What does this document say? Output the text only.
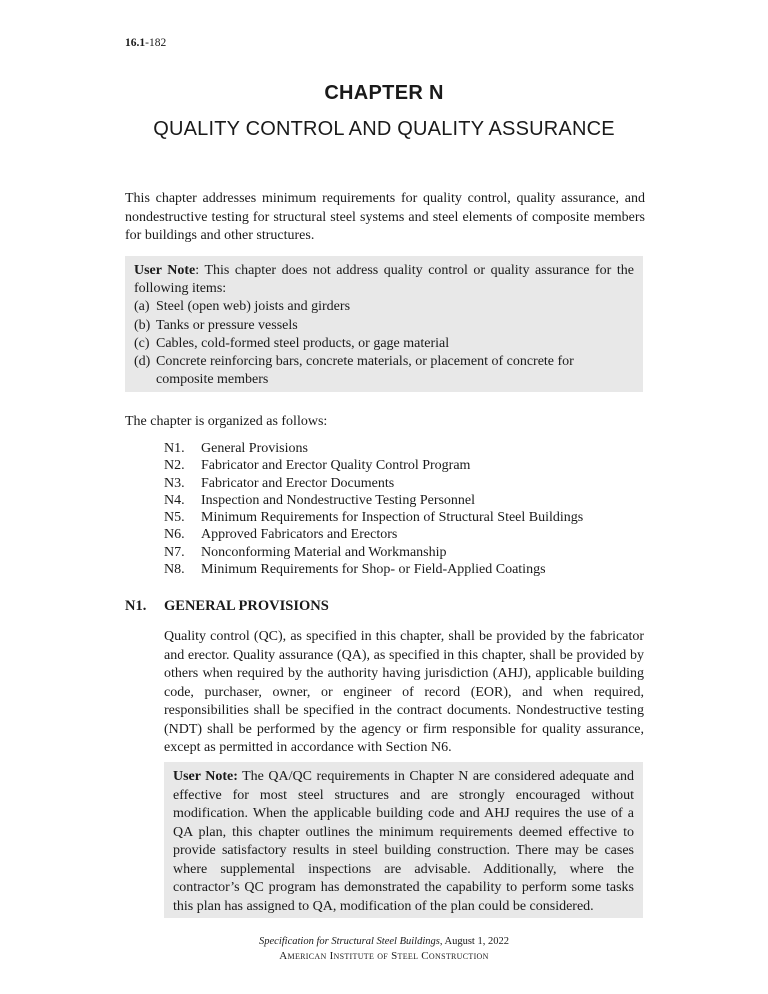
16.1-182
CHAPTER N
QUALITY CONTROL AND QUALITY ASSURANCE

This chapter addresses minimum requirements for quality control, quality assurance, and nondestructive testing for structural steel systems and steel elements of composite members for buildings and other structures.

User Note: This chapter does not address quality control or quality assurance for the following items:

(a) Steel (open web) joists and girders
(b) Tanks or pressure vessels
(c) Cables, cold-formed steel products, or gage material
(d) Concrete reinforcing bars, concrete materials, or placement of concrete for composite members

The chapter is organized as follows:

N1.	General Provisions
N2.	Fabricator and Erector Quality Control Program
N3.	Fabricator and Erector Documents
N4.	Inspection and Nondestructive Testing Personnel
N5.	Minimum Requirements for Inspection of Structural Steel Buildings
N6.	Approved Fabricators and Erectors
N7.	Nonconforming Material and Workmanship
N8.	Minimum Requirements for Shop- or Field-Applied Coatings
N1. GENERAL PROVISIONS

Quality control (QC), as specified in this chapter, shall be provided by the fabricator and erector. Quality assurance (QA), as specified in this chapter, shall be provided by others when required by the authority having jurisdiction (AHJ), applicable building code, purchaser, owner, or engineer of record (EOR), and when required, responsibilities shall be specified in the contract documents. Nondestructive testing (NDT) shall be performed by the agency or firm responsible for quality assurance, except as permitted in accordance with Section N6.

User Note: The QA/QC requirements in Chapter N are considered adequate and effective for most steel structures and are strongly encouraged without modification. When the applicable building code and AHJ requires the use of a QA plan, this chapter outlines the minimum requirements deemed effective to provide satisfactory results in steel building construction. There may be cases where supplemental inspections are advisable. Additionally, where the contractor’s QC program has demonstrated the capability to perform some tasks this plan has assigned to QA, modification of the plan could be considered.

Specification for Structural Steel Buildings, August 1, 2022
American Institute of Steel Construction
